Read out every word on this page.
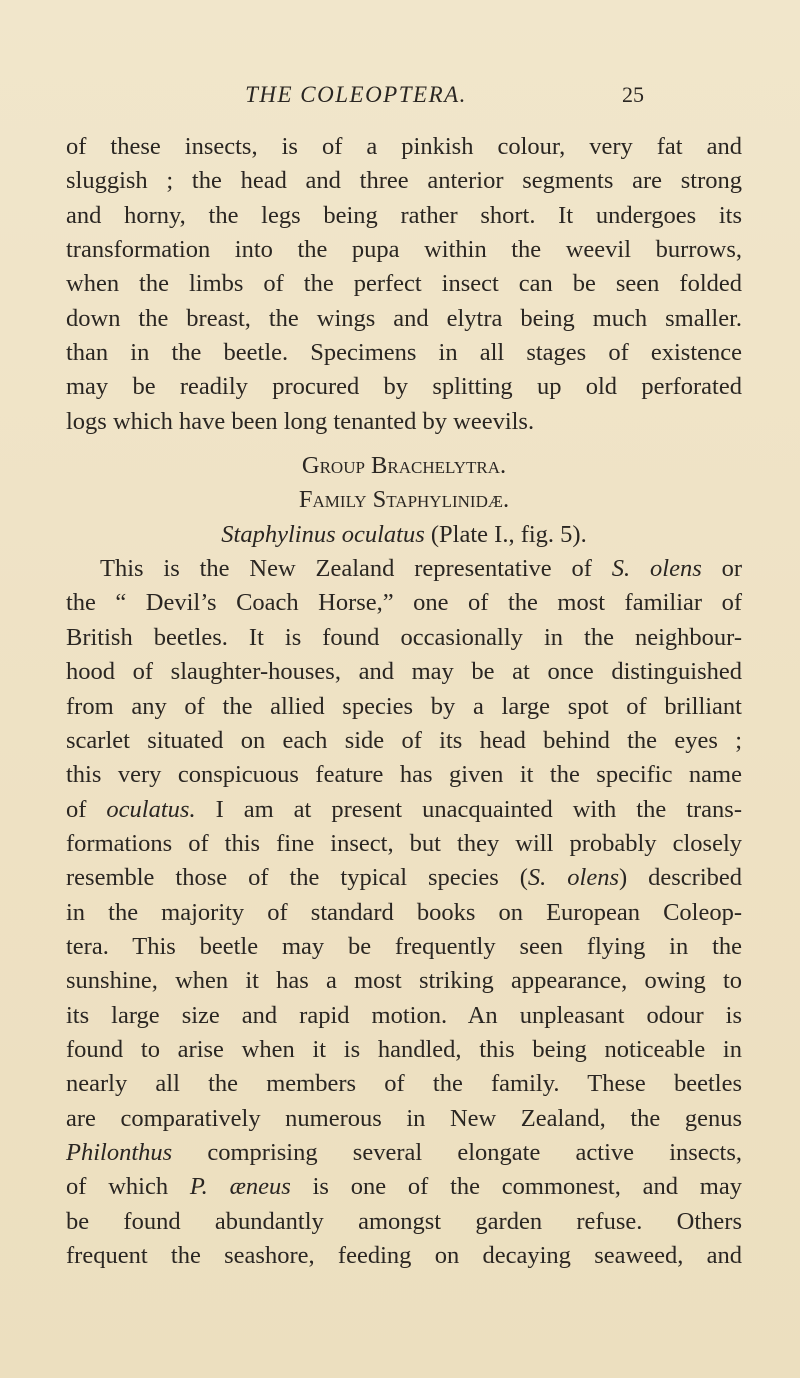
THE COLEOPTERA.	25
of these insects, is of a pinkish colour, very fat and
sluggish ; the head and three anterior segments are strong
and horny, the legs being rather short. It undergoes its
transformation into the pupa within the weevil burrows,
when the limbs of the perfect insect can be seen folded
down the breast, the wings and elytra being much smaller.
than in the beetle. Specimens in all stages of existence
may be readily procured by splitting up old perforated
logs which have been long tenanted by weevils.
Group Brachelytra.
Family Staphylinidæ.
Staphylinus oculatus (Plate I., fig. 5).
This is the New Zealand representative of S. olens or
the “ Devil’s Coach Horse,” one of the most familiar of
British beetles. It is found occasionally in the neighbour-
hood of slaughter-houses, and may be at once distinguished
from any of the allied species by a large spot of brilliant
scarlet situated on each side of its head behind the eyes ;
this very conspicuous feature has given it the specific name
of oculatus. I am at present unacquainted with the trans-
formations of this fine insect, but they will probably closely
resemble those of the typical species (S. olens) described
in the majority of standard books on European Coleop-
tera. This beetle may be frequently seen flying in the
sunshine, when it has a most striking appearance, owing to
its large size and rapid motion. An unpleasant odour is
found to arise when it is handled, this being noticeable in
nearly all the members of the family. These beetles
are comparatively numerous in New Zealand, the genus
Philonthus comprising several elongate active insects,
of which P. æneus is one of the commonest, and may
be found abundantly amongst garden refuse. Others
frequent the seashore, feeding on decaying seaweed, and
